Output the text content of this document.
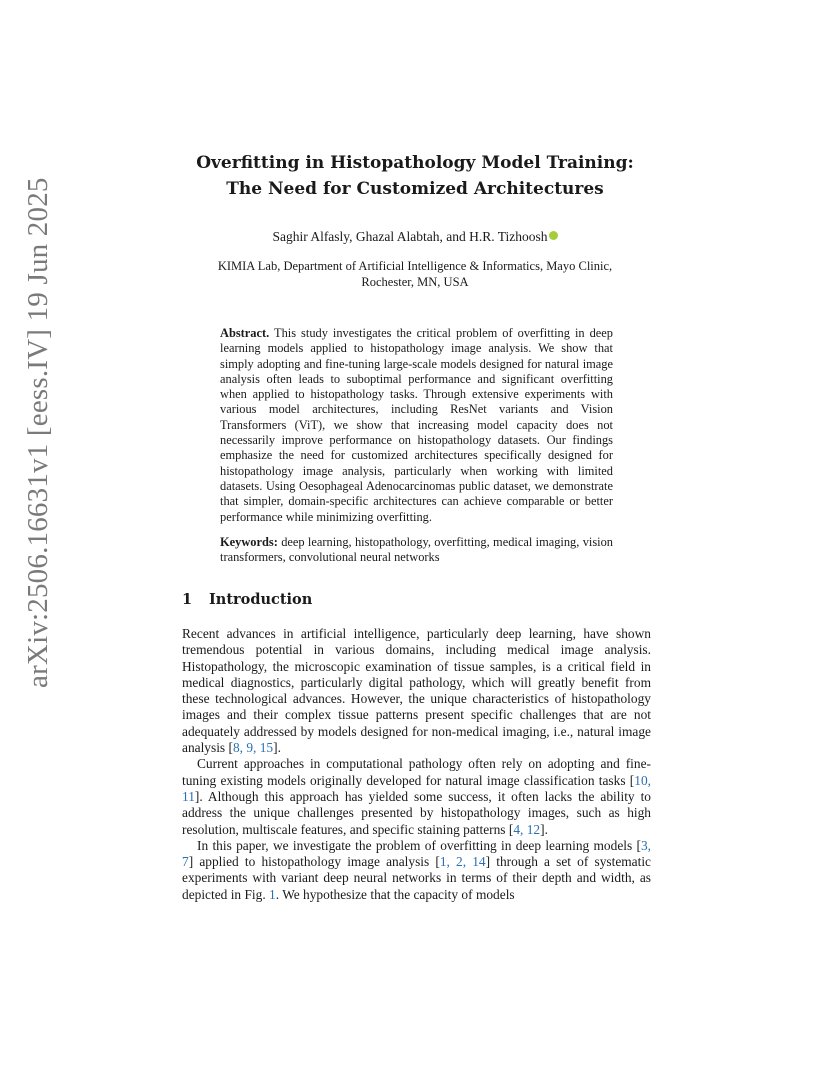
arXiv:2506.16631v1 [eess.IV] 19 Jun 2025
Overfitting in Histopathology Model Training:
The Need for Customized Architectures
Saghir Alfasly, Ghazal Alabtah, and H.R. Tizhoosh
KIMIA Lab, Department of Artificial Intelligence & Informatics, Mayo Clinic,
Rochester, MN, USA
Abstract. This study investigates the critical problem of overfitting in deep learning models applied to histopathology image analysis. We show that simply adopting and fine-tuning large-scale models designed for natural image analysis often leads to suboptimal performance and significant overfitting when applied to histopathology tasks. Through extensive experiments with various model architectures, including ResNet variants and Vision Transformers (ViT), we show that increasing model capacity does not necessarily improve performance on histopathology datasets. Our findings emphasize the need for customized architectures specifically designed for histopathology image analysis, particularly when working with limited datasets. Using Oesophageal Adenocarcinomas public dataset, we demonstrate that simpler, domain-specific architectures can achieve comparable or better performance while minimizing overfitting.
Keywords: deep learning, histopathology, overfitting, medical imaging, vision transformers, convolutional neural networks
1 Introduction

Recent advances in artificial intelligence, particularly deep learning, have shown tremendous potential in various domains, including medical image analysis. Histopathology, the microscopic examination of tissue samples, is a critical field in medical diagnostics, particularly digital pathology, which will greatly benefit from these technological advances. However, the unique characteristics of histopathology images and their complex tissue patterns present specific challenges that are not adequately addressed by models designed for non-medical imaging, i.e., natural image analysis [8, 9, 15].

Current approaches in computational pathology often rely on adopting and fine-tuning existing models originally developed for natural image classification tasks [10, 11]. Although this approach has yielded some success, it often lacks the ability to address the unique challenges presented by histopathology images, such as high resolution, multiscale features, and specific staining patterns [4, 12].

In this paper, we investigate the problem of overfitting in deep learning models [3, 7] applied to histopathology image analysis [1, 2, 14] through a set of systematic experiments with variant deep neural networks in terms of their depth and width, as depicted in Fig. 1. We hypothesize that the capacity of models
